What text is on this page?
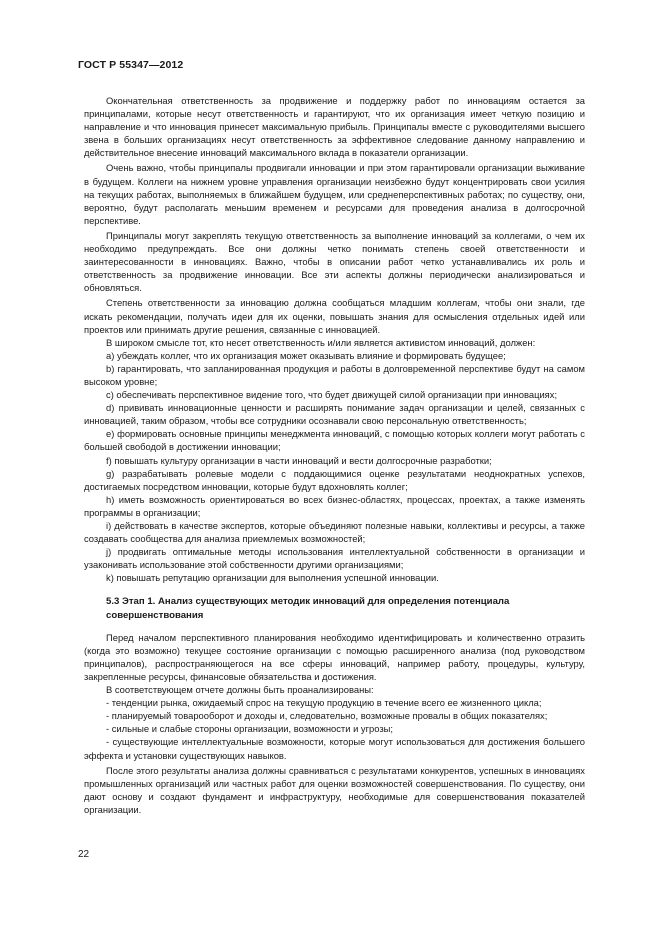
ГОСТ Р 55347—2012

Окончательная ответственность за продвижение и поддержку работ по инновациям остается за принципалами, которые несут ответственность и гарантируют, что их организация имеет четкую позицию и направление и что инновация принесет максимальную прибыль. Принципалы вместе с руководителями высшего звена в больших организациях несут ответственность за эффективное следование данному направлению и действительное внесение инноваций максимального вклада в показатели организации.

Очень важно, чтобы принципалы продвигали инновации и при этом гарантировали организации выживание в будущем. Коллеги на нижнем уровне управления организации неизбежно будут концентрировать свои усилия на текущих работах, выполняемых в ближайшем будущем, или среднеперспективных работах; по существу, они, вероятно, будут располагать меньшим временем и ресурсами для проведения анализа в долгосрочной перспективе.

Принципалы могут закреплять текущую ответственность за выполнение инноваций за коллегами, о чем их необходимо предупреждать. Все они должны четко понимать степень своей ответственности и заинтересованности в инновациях. Важно, чтобы в описании работ четко устанавливались их роль и ответственность за продвижение инновации. Все эти аспекты должны периодически анализироваться и обновляться.

Степень ответственности за инновацию должна сообщаться младшим коллегам, чтобы они знали, где искать рекомендации, получать идеи для их оценки, повышать знания для осмысления отдельных идей или проектов или принимать другие решения, связанные с инновацией.

В широком смысле тот, кто несет ответственность и/или является активистом инноваций, должен:

a) убеждать коллег, что их организация может оказывать влияние и формировать будущее;

b) гарантировать, что запланированная продукция и работы в долговременной перспективе будут на самом высоком уровне;

c) обеспечивать перспективное видение того, что будет движущей силой организации при инновациях;

d) прививать инновационные ценности и расширять понимание задач организации и целей, связанных с инновацией, таким образом, чтобы все сотрудники осознавали свою персональную ответственность;

e) формировать основные принципы менеджмента инноваций, с помощью которых коллеги могут работать с большей свободой в достижении инновации;

f) повышать культуру организации в части инноваций и вести долгосрочные разработки;

g) разрабатывать ролевые модели с поддающимися оценке результатами неоднократных успехов, достигаемых посредством инновации, которые будут вдохновлять коллег;

h) иметь возможность ориентироваться во всех бизнес-областях, процессах, проектах, а также изменять программы в организации;

i) действовать в качестве экспертов, которые объединяют полезные навыки, коллективы и ресурсы, а также создавать сообщества для анализа приемлемых возможностей;

j) продвигать оптимальные методы использования интеллектуальной собственности в организации и узаконивать использование этой собственности другими организациями;

k) повышать репутацию организации для выполнения успешной инновации.

5.3 Этап 1. Анализ существующих методик инноваций для определения потенциала совершенствования

Перед началом перспективного планирования необходимо идентифицировать и количественно отразить (когда это возможно) текущее состояние организации с помощью расширенного анализа (под руководством принципалов), распространяющегося на все сферы инноваций, например работу, процедуры, культуру, закрепленные ресурсы, финансовые обязательства и достижения.

В соответствующем отчете должны быть проанализированы:

- тенденции рынка, ожидаемый спрос на текущую продукцию в течение всего ее жизненного цикла;

- планируемый товарооборот и доходы и, следовательно, возможные провалы в общих показателях;

- сильные и слабые стороны организации, возможности и угрозы;

- существующие интеллектуальные возможности, которые могут использоваться для достижения большего эффекта и установки существующих навыков.

После этого результаты анализа должны сравниваться с результатами конкурентов, успешных в инновациях промышленных организаций или частных работ для оценки возможностей совершенствования. По существу, они дают основу и создают фундамент и инфраструктуру, необходимые для совершенствования показателей организации.

22
